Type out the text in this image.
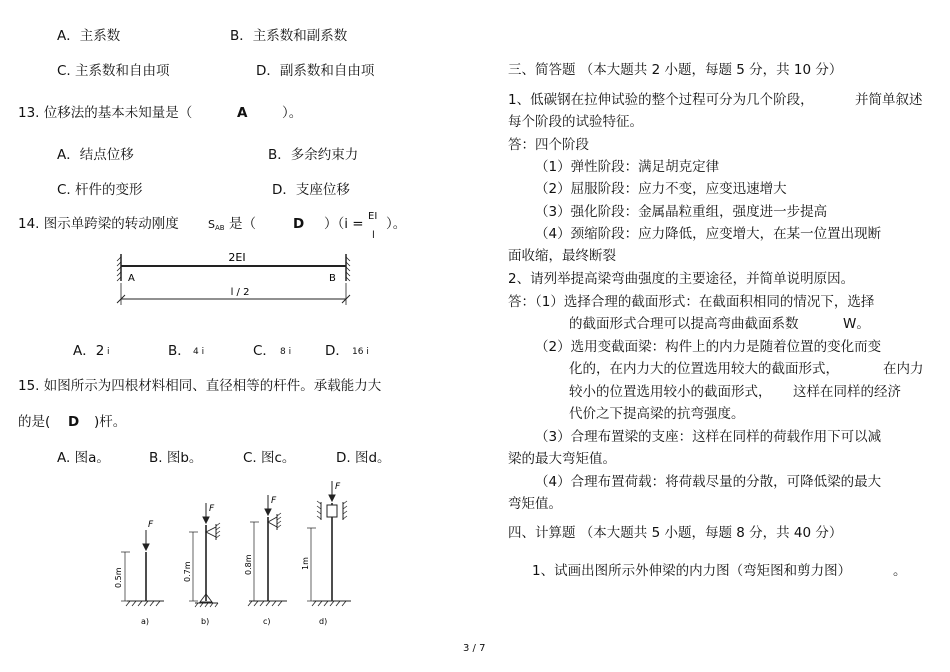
A．主系数	B．主系数和副系数
C. 主系数和自由项	D．副系数和自由项
13. 位移法的基本未知量是（	A	）。
A．结点位移	B．多余约束力
C. 杆件的变形	D．支座位移
14. 图示单跨梁的转动刚度	S AB 是（	D ）（i = EI
l
）。
A．2 i	B． 4 i	C． 8 i	D． 16 i
15. 如图所示为四根材料相同、直径相等的杆件。承载能力大
的是( D )杆。
A. 图a。	B. 图b。	C. 图c。	D. 图d。
2EI
A	B
l / 2
F
0.5m
a)
F
0.7m
b)
F
0.8m
c)
F
1m
d)
三、简答题 （本大题共 2 小题，每题 5 分，共 10 分）
1、低碳钢在拉伸试验的整个过程可分为几个阶段，	并简单叙述
每个阶段的试验特征。
答：四个阶段
（1）弹性阶段：满足胡克定律
（2）屈服阶段：应力不变，应变迅速增大
（3）强化阶段：金属晶粒重组，强度进一步提高
（4）颈缩阶段：应力降低，应变增大，在某一位置出现断
面收缩，最终断裂
2、请列举提高梁弯曲强度的主要途径，并简单说明原因。
答：（1）选择合理的截面形式：在截面积相同的情况下，选择
的截面形式合理可以提高弯曲截面系数	W。
（2）选用变截面梁：构件上的内力是随着位置的变化而变
化的，在内力大的位置选用较大的截面形式，	在内力
较小的位置选用较小的截面形式， 这样在同样的经济
代价之下提高梁的抗弯强度。
（3）合理布置梁的支座：这样在同样的荷载作用下可以减
梁的最大弯矩值。
（4）合理布置荷载：将荷载尽量的分散，可降低梁的最大
弯矩值。
四、计算题 （本大题共 5 小题，每题 8 分，共 40 分）
1、试画出图所示外伸梁的内力图（弯矩图和剪力图）	。
3 / 7
